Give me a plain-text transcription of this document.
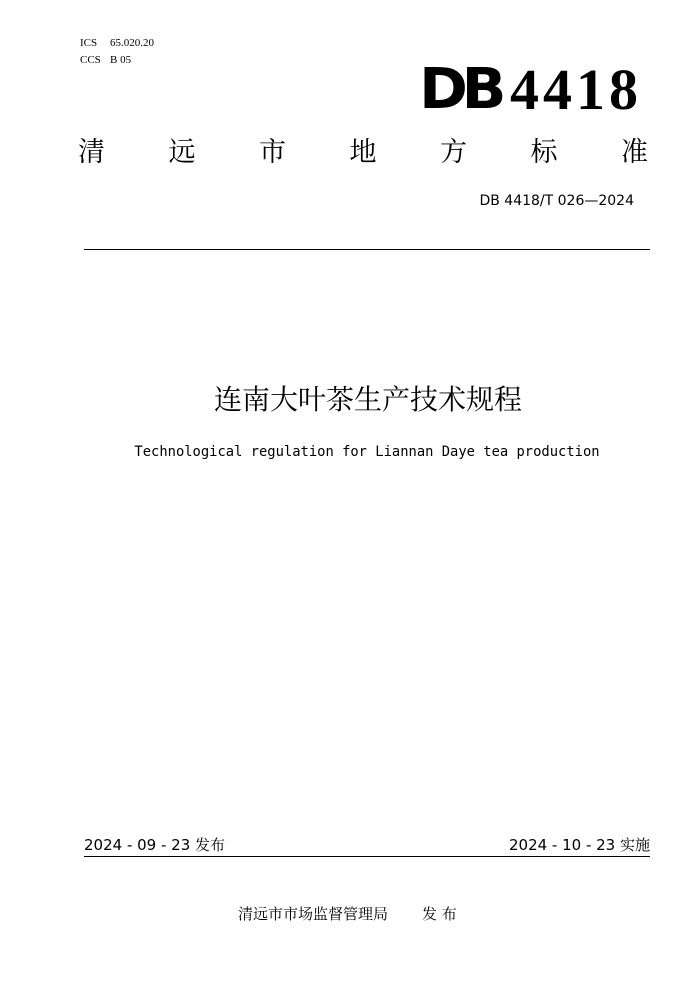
ICS 65.020.20
CCS B 05	DB 4418
清 远 市 地 方 标 准
DB 4418/T 026—2024
连南大叶茶生产技术规程
Technological regulation for Liannan Daye tea production
2024 - 09 - 23 发布	2024 - 10 - 23 实施
清远市市场监督管理局 发 布
